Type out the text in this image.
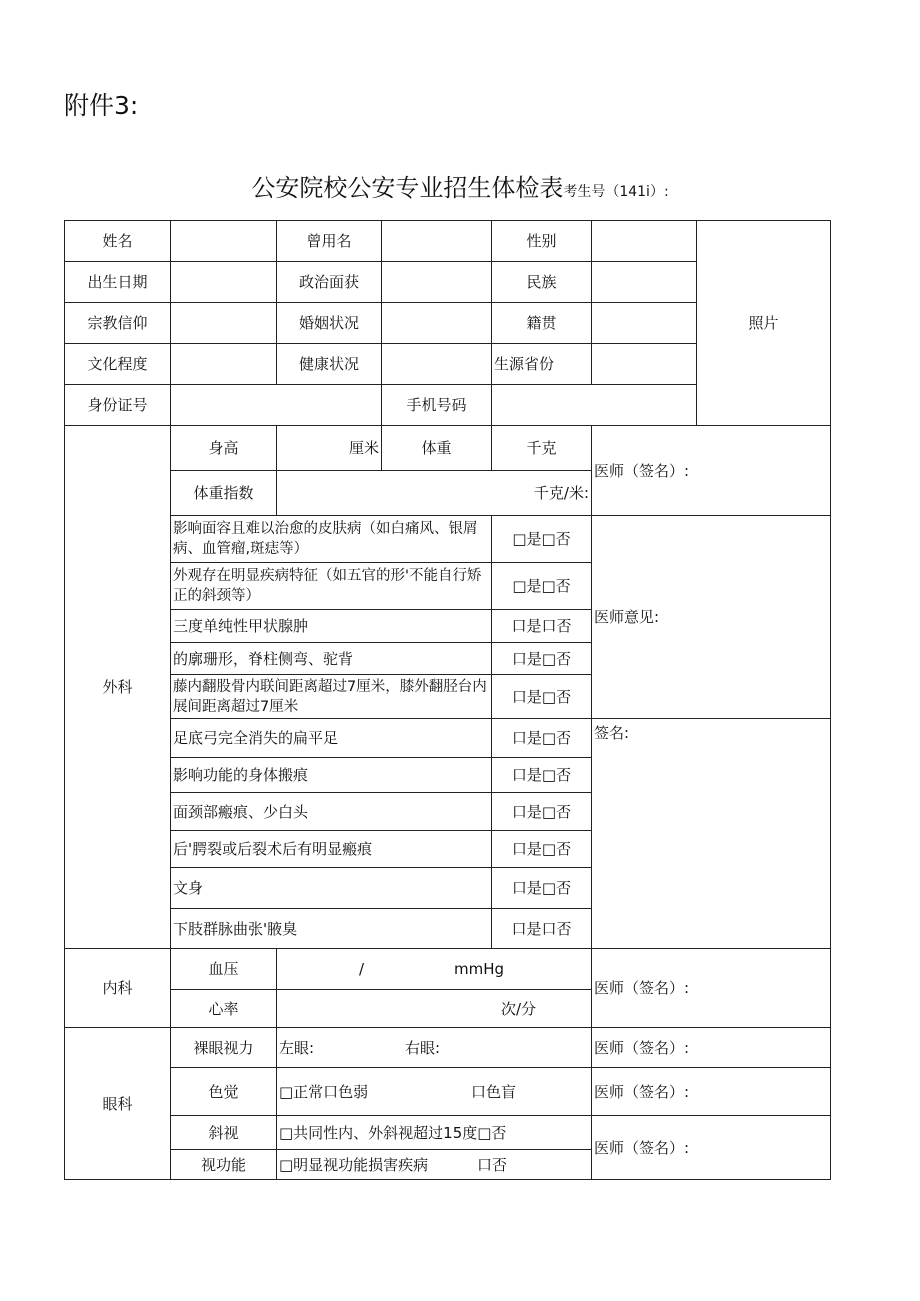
附件3:
公安院校公安专业招生体检表考生号（141i）:
姓名		曾用名		性别		照片
出生日期		政治面获		民族		
宗教信仰		婚姻状况		籍贯		
文化程度		健康状况		生源省份		
身份证号			手机号码			
外科	身高	厘米	体重	千克	医师（签名）:	
	体重指数	千克/米:				
	影响面容且难以治愈的皮肤病（如白痛风、银屑病、血管瘤,斑痣等）			□是□否	医师意见:	
	外观存在明显疾病特征（如五官的形'不能自行矫正的斜颈等）			□是□否		
	三度单纯性甲状腺肿			口是口否		
	的廓珊形，脊柱侧弯、驼背			口是□否		
	藤内翻股骨内联间距离超过7厘米，膝外翻胫台内展间距离超过7厘米			口是□否		
	足底弓完全消失的扁平足			口是□否	签名:	
	影响功能的身体搬痕			口是□否		
	面颈部瘢痕、少白头			口是□否		
	后'腭裂或后裂术后有明显瘢痕			口是□否		
	文身			口是□否		
	下肢群脉曲张'腋臭			口是口否		
内科	血压	/ mmHg			医师（签名）:	
	心率	次/分				
眼科	裸眼视力	左眼: 右眼:			医师（签名）:	
	色觉	□正常口色弱 口色盲			医师（签名）:	
	斜视	□共同性内、外斜视超过15度□否			医师（签名）:	
	视功能	□明显视功能损害疾病 口否				
